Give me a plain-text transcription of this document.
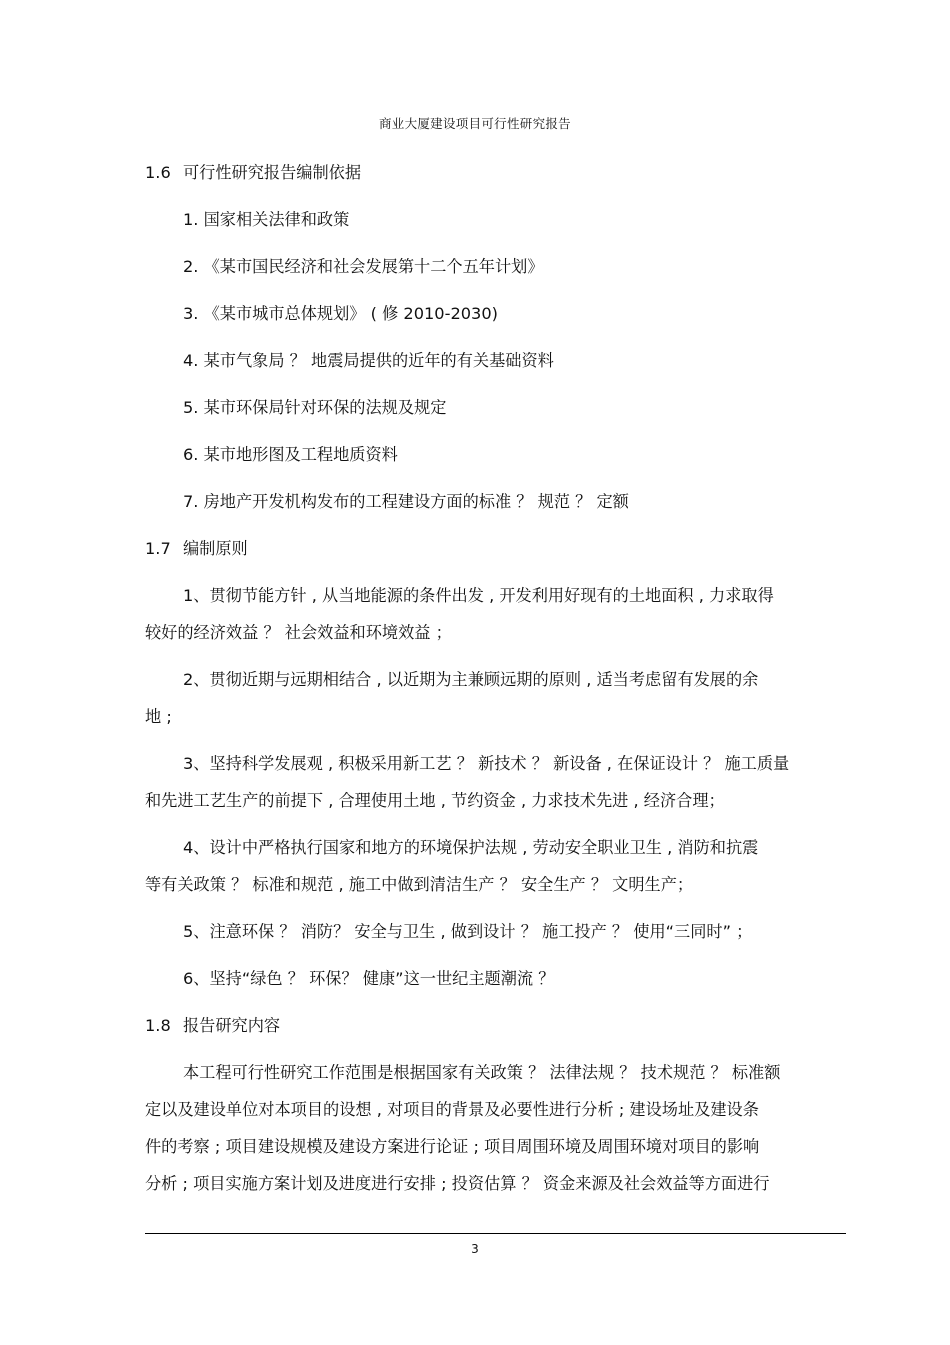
商业大厦建设项目可行性研究报告
1.6 可行性研究报告编制依据
1. 国家相关法律和政策
2. 《某市国民经济和社会发展第十二个五年计划》
3. 《某市城市总体规划》 ( 修 2010-2030)
4. 某市气象局 ？ 地震局提供的近年的有关基础资料
5. 某市环保局针对环保的法规及规定
6. 某市地形图及工程地质资料
7. 房地产开发机构发布的工程建设方面的标准 ？ 规范 ？ 定额
1.7 编制原则
1、贯彻节能方针 , 从当地能源的条件出发 , 开发利用好现有的土地面积 , 力求取得
较好的经济效益 ？ 社会效益和环境效益 ；
2、贯彻近期与远期相结合 , 以近期为主兼顾远期的原则 , 适当考虑留有发展的余
地 ;
3、坚持科学发展观 , 积极采用新工艺 ？ 新技术 ？ 新设备 , 在保证设计 ？ 施工质量
和先进工艺生产的前提下 , 合理使用土地 , 节约资金 , 力求技术先进 , 经济合理；
4、设计中严格执行国家和地方的环境保护法规 , 劳动安全职业卫生 , 消防和抗震
等有关政策 ？ 标准和规范 , 施工中做到清洁生产 ？ 安全生产 ？ 文明生产；
5、注意环保 ？ 消防？ 安全与卫生 , 做到设计 ？ 施工投产 ？ 使用“三同时” ；
6、坚持“绿色 ？ 环保？ 健康”这一世纪主题潮流 ？
1.8 报告研究内容
本工程可行性研究工作范围是根据国家有关政策 ？ 法律法规 ？ 技术规范 ？ 标准额
定以及建设单位对本项目的设想 , 对项目的背景及必要性进行分析 ; 建设场址及建设条
件的考察 ; 项目建设规模及建设方案进行论证 ; 项目周围环境及周围环境对项目的影响
分析 ; 项目实施方案计划及进度进行安排 ; 投资估算 ？ 资金来源及社会效益等方面进行
3
